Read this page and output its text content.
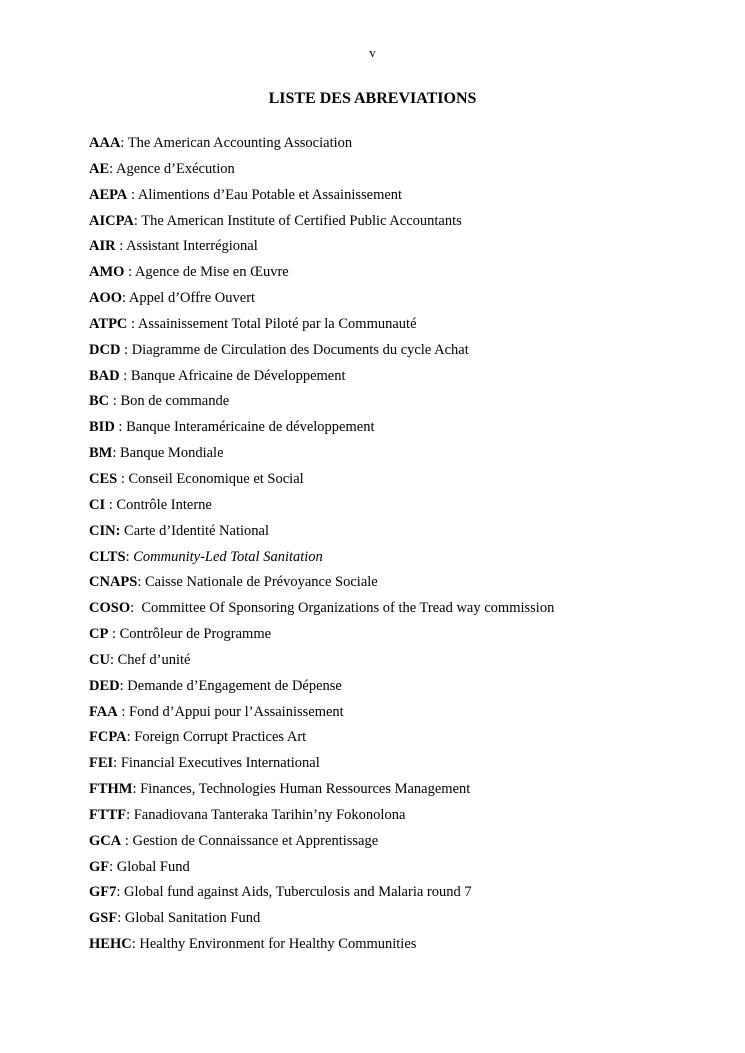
v
LISTE DES ABREVIATIONS
AAA: The American Accounting Association
AE: Agence d’Exécution
AEPA : Alimentions d’Eau Potable et Assainissement
AICPA: The American Institute of Certified Public Accountants
AIR : Assistant Interrégional
AMO : Agence de Mise en Œuvre
AOO: Appel d’Offre Ouvert
ATPC : Assainissement Total Piloté par la Communauté
DCD : Diagramme de Circulation des Documents du cycle Achat
BAD : Banque Africaine de Développement
BC : Bon de commande
BID : Banque Interaméricaine de développement
BM: Banque Mondiale
CES : Conseil Economique et Social
CI : Contrôle Interne
CIN: Carte d’Identité National
CLTS: Community-Led Total Sanitation
CNAPS: Caisse Nationale de Prévoyance Sociale
COSO:  Committee Of Sponsoring Organizations of the Tread way commission
CP : Contrôleur de Programme
CU: Chef d’unité
DED: Demande d’Engagement de Dépense
FAA : Fond d’Appui pour l’Assainissement
FCPA: Foreign Corrupt Practices Art
FEI: Financial Executives International
FTHM: Finances, Technologies Human Ressources Management
FTTF: Fanadiovana Tanteraka Tarihin’ny Fokonolona
GCA : Gestion de Connaissance et Apprentissage
GF: Global Fund
GF7: Global fund against Aids, Tuberculosis and Malaria round 7
GSF: Global Sanitation Fund
HEHC: Healthy Environment for Healthy Communities
